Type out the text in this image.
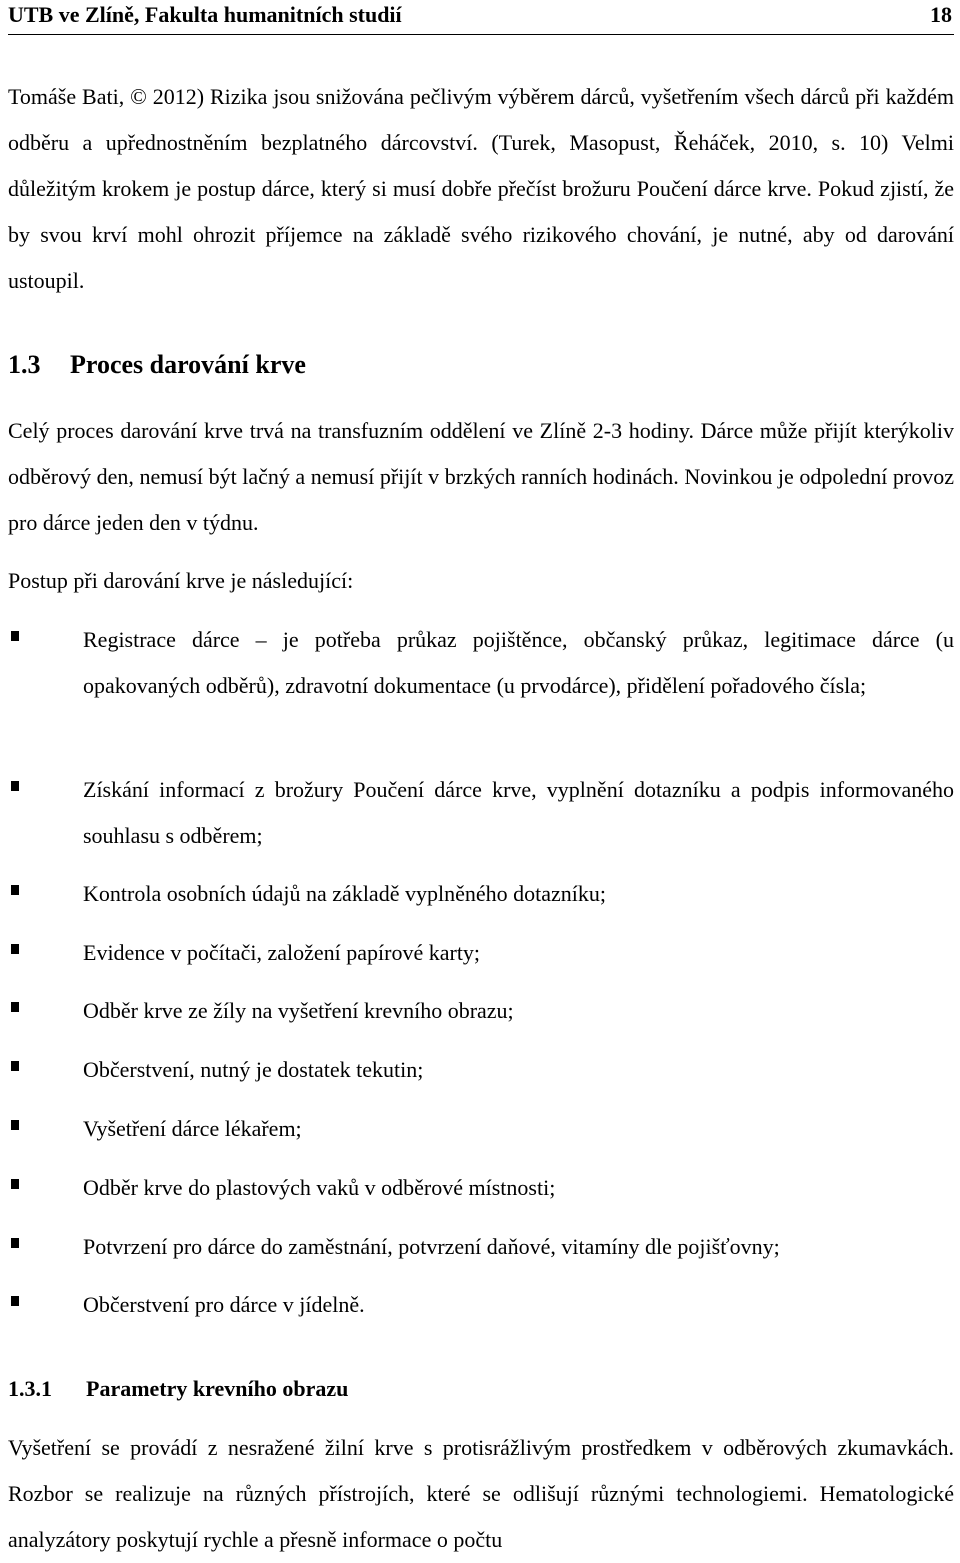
UTB ve Zlíně, Fakulta humanitních studií	18

Tomáše Bati, © 2012) Rizika jsou snižována pečlivým výběrem dárců, vyšetřením všech dárců při každém odběru a upřednostněním bezplatného dárcovství. (Turek, Masopust, Řeháček, 2010, s. 10) Velmi důležitým krokem je postup dárce, který si musí dobře přečíst brožuru Poučení dárce krve. Pokud zjistí, že by svou krví mohl ohrozit příjemce na základě svého rizikového chování, je nutné, aby od darování ustoupil.

1.3 Proces darování krve

Celý proces darování krve trvá na transfuzním oddělení ve Zlíně 2-3 hodiny. Dárce může přijít kterýkoliv odběrový den, nemusí být lačný a nemusí přijít v brzkých ranních hodinách. Novinkou je odpolední provoz pro dárce jeden den v týdnu.

Postup při darování krve je následující:

Registrace dárce – je potřeba průkaz pojištěnce, občanský průkaz, legitimace dárce (u opakovaných odběrů), zdravotní dokumentace (u prvodárce), přidělení pořadového čísla;

Získání informací z brožury Poučení dárce krve, vyplnění dotazníku a podpis informovaného souhlasu s odběrem;

Kontrola osobních údajů na základě vyplněného dotazníku;

Evidence v počítači, založení papírové karty;

Odběr krve ze žíly na vyšetření krevního obrazu;

Občerstvení, nutný je dostatek tekutin;

Vyšetření dárce lékařem;

Odběr krve do plastových vaků v odběrové místnosti;

Potvrzení pro dárce do zaměstnání, potvrzení daňové, vitamíny dle pojišťovny;

Občerstvení pro dárce v jídelně.

1.3.1 Parametry krevního obrazu

Vyšetření se provádí z nesražené žilní krve s protisrážlivým prostředkem v odběrových zkumavkách. Rozbor se realizuje na různých přístrojích, které se odlišují různými technologiemi. Hematologické analyzátory poskytují rychle a přesně informace o počtu
